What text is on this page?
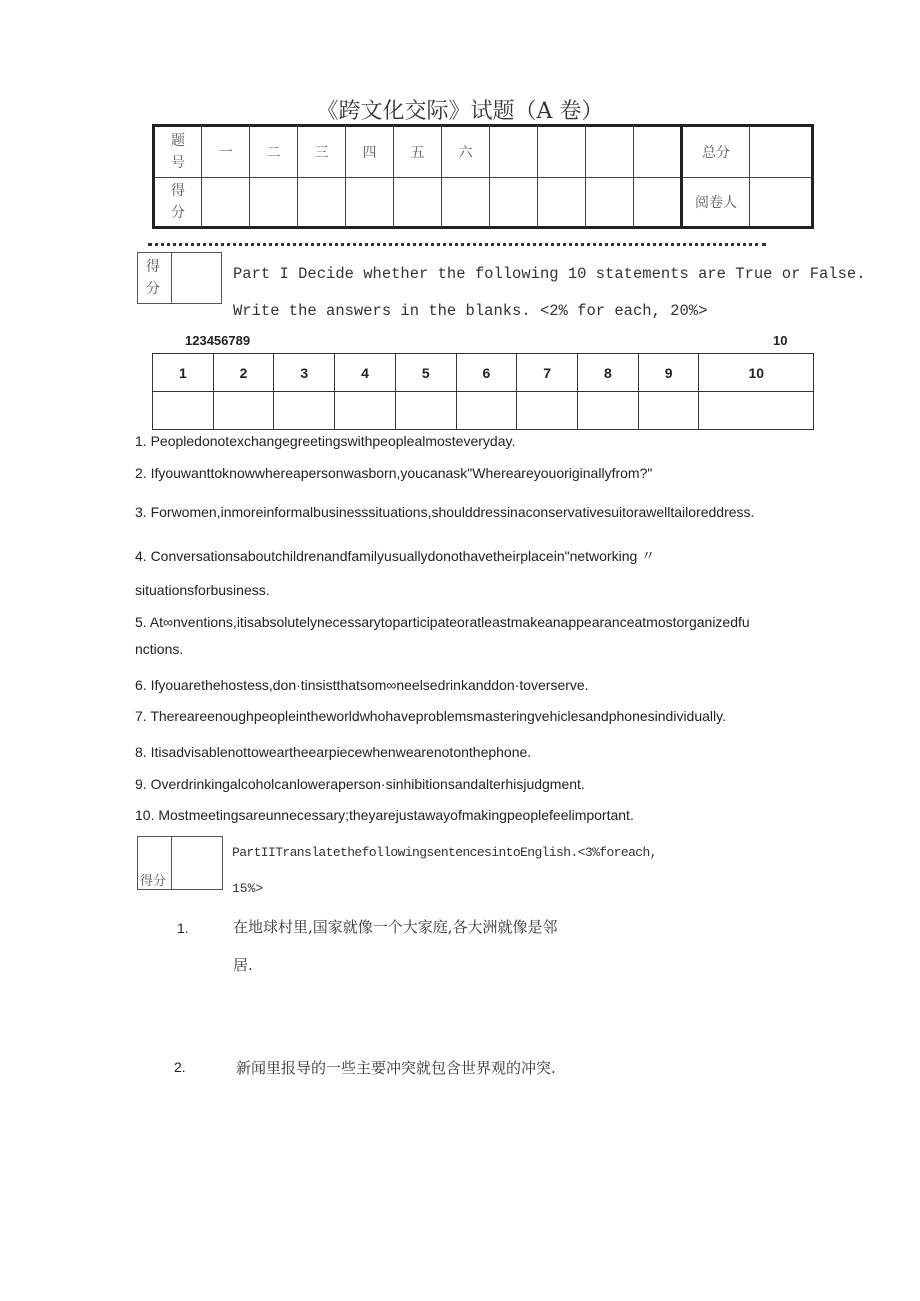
《跨文化交际》试题（A 卷）
题
号	一	二	三	四	五	六					总分	
得
分											阅卷人	
得
分
Part I Decide whether the following 10 statements are True or False.
Write the answers in the blanks. <2% for each, 20%>
123456789	10
1	2	3	4	5	6	7	8	9	10

1. Peopledonotexchangegreetingswithpeoplealmosteveryday.
2. Ifyouwanttoknowwhereapersonwasborn,youcanask"Whereareyouoriginallyfrom?"
3. Forwomen,inmoreinformalbusinesssituations,shoulddressinaconservativesuitorawelltailoreddress.
4. Conversationsaboutchildrenandfamilyusuallydonothavetheirplacein"networking 〃
situationsforbusiness.
5. At∞nventions,itisabsolutelynecessarytoparticipateoratleastmakeanappearanceatmostorganizedfu
nctions.
6. Ifyouarethehostess,don·tinsistthatsom∞neelsedrinkanddon·toverserve.
7. Thereareenoughpeopleintheworldwhohaveproblemsmasteringvehiclesandphonesindividually.
8. Itisadvisablenottoweartheearpiecewhenwearenotonthephone.
9. Overdrinkingalcoholcanloweraperson·sinhibitionsandalterhisjudgment.
10. Mostmeetingsareunnecessary;theyarejustawayofmakingpeoplefeelimportant.
得分
PartIITranslatethefollowingsentencesintoEnglish.<3%foreach,
15%>
1.	在地球村里,国家就像一个大家庭,各大洲就像是邻
居.
2.	新闻里报导的一些主要冲突就包含世界观的冲突.
